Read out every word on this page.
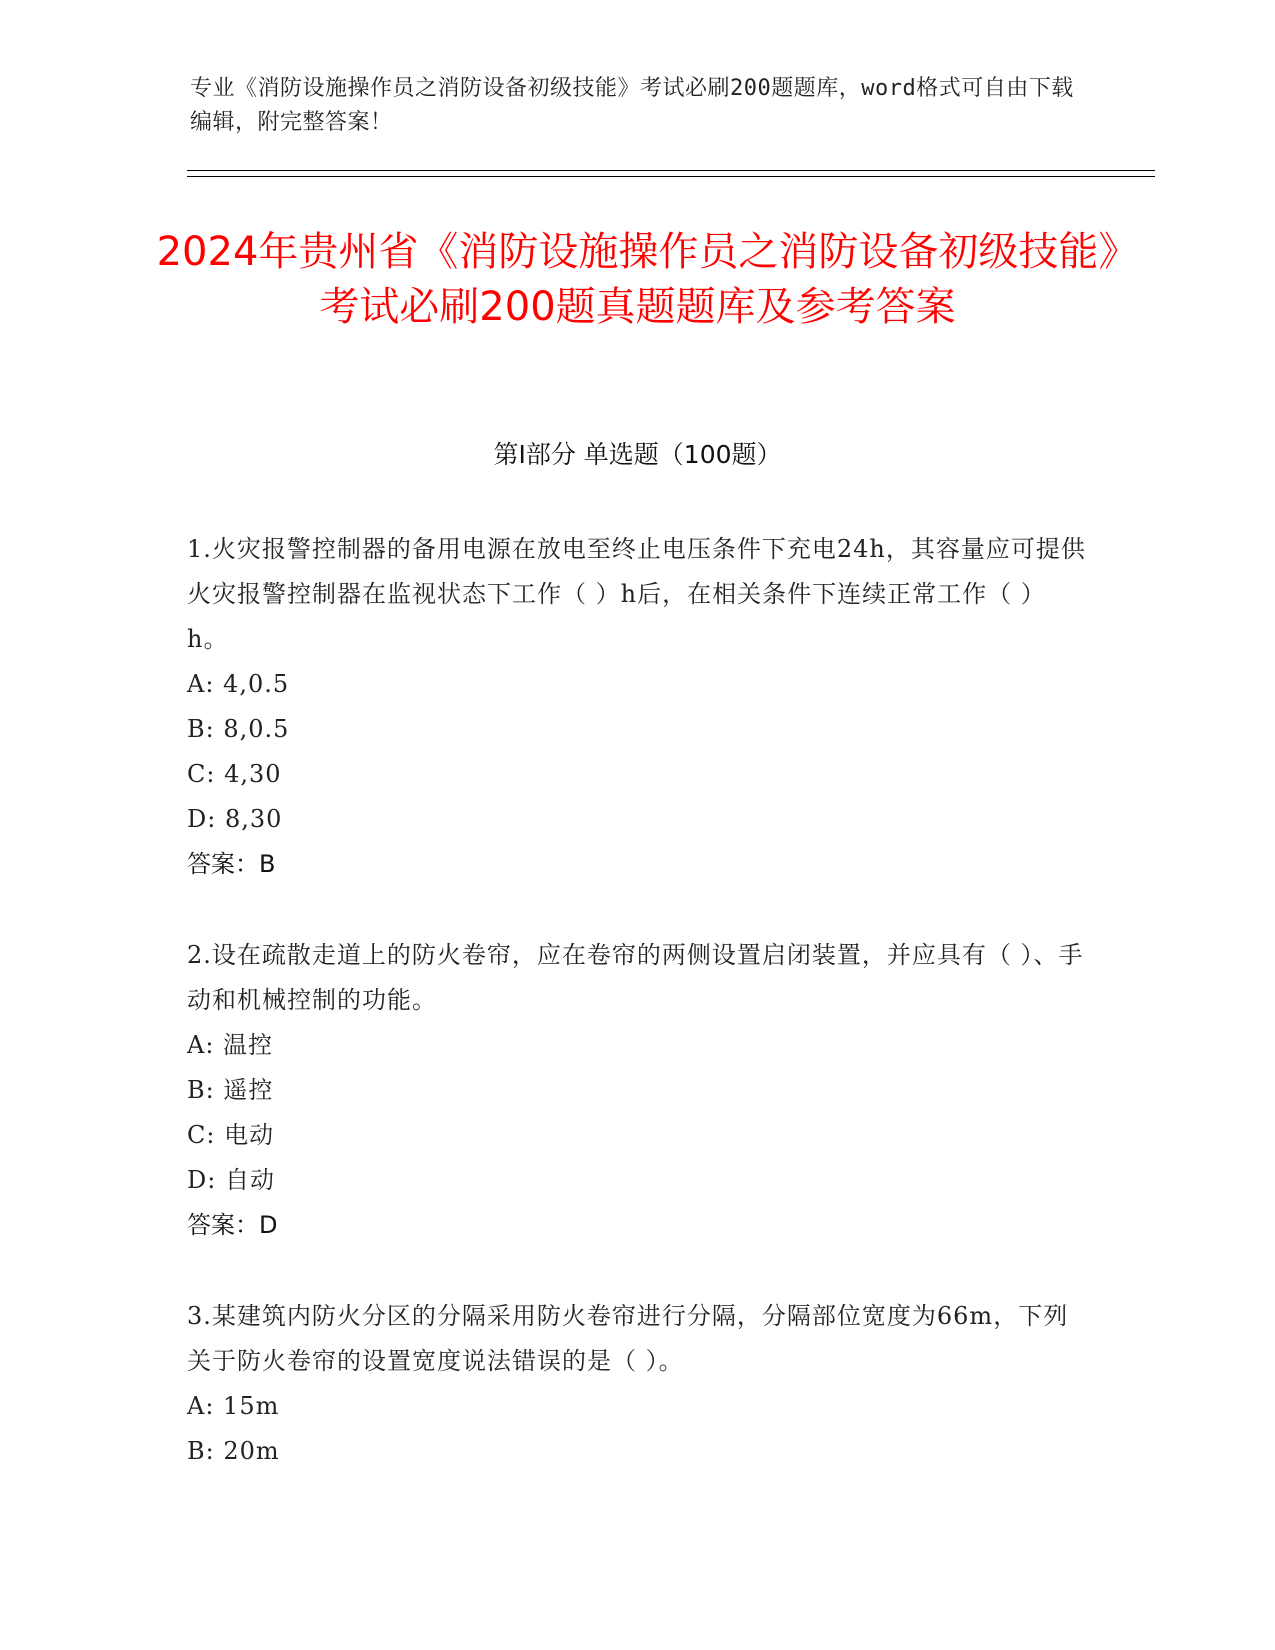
专业《消防设施操作员之消防设备初级技能》考试必刷200题题库，word格式可自由下载编辑，附完整答案！
2024年贵州省《消防设施操作员之消防设备初级技能》考试必刷200题真题题库及参考答案
第I部分 单选题（100题）
1.火灾报警控制器的备用电源在放电至终止电压条件下充电24h，其容量应可提供火灾报警控制器在监视状态下工作（ ）h后，在相关条件下连续正常工作（ ）h。
A: 4,0.5
B: 8,0.5
C: 4,30
D: 8,30
答案：B
2.设在疏散走道上的防火卷帘，应在卷帘的两侧设置启闭装置，并应具有（ ）、手动和机械控制的功能。
A: 温控
B: 遥控
C: 电动
D: 自动
答案：D
3.某建筑内防火分区的分隔采用防火卷帘进行分隔，分隔部位宽度为66m，下列关于防火卷帘的设置宽度说法错误的是（ ）。
A: 15m
B: 20m
